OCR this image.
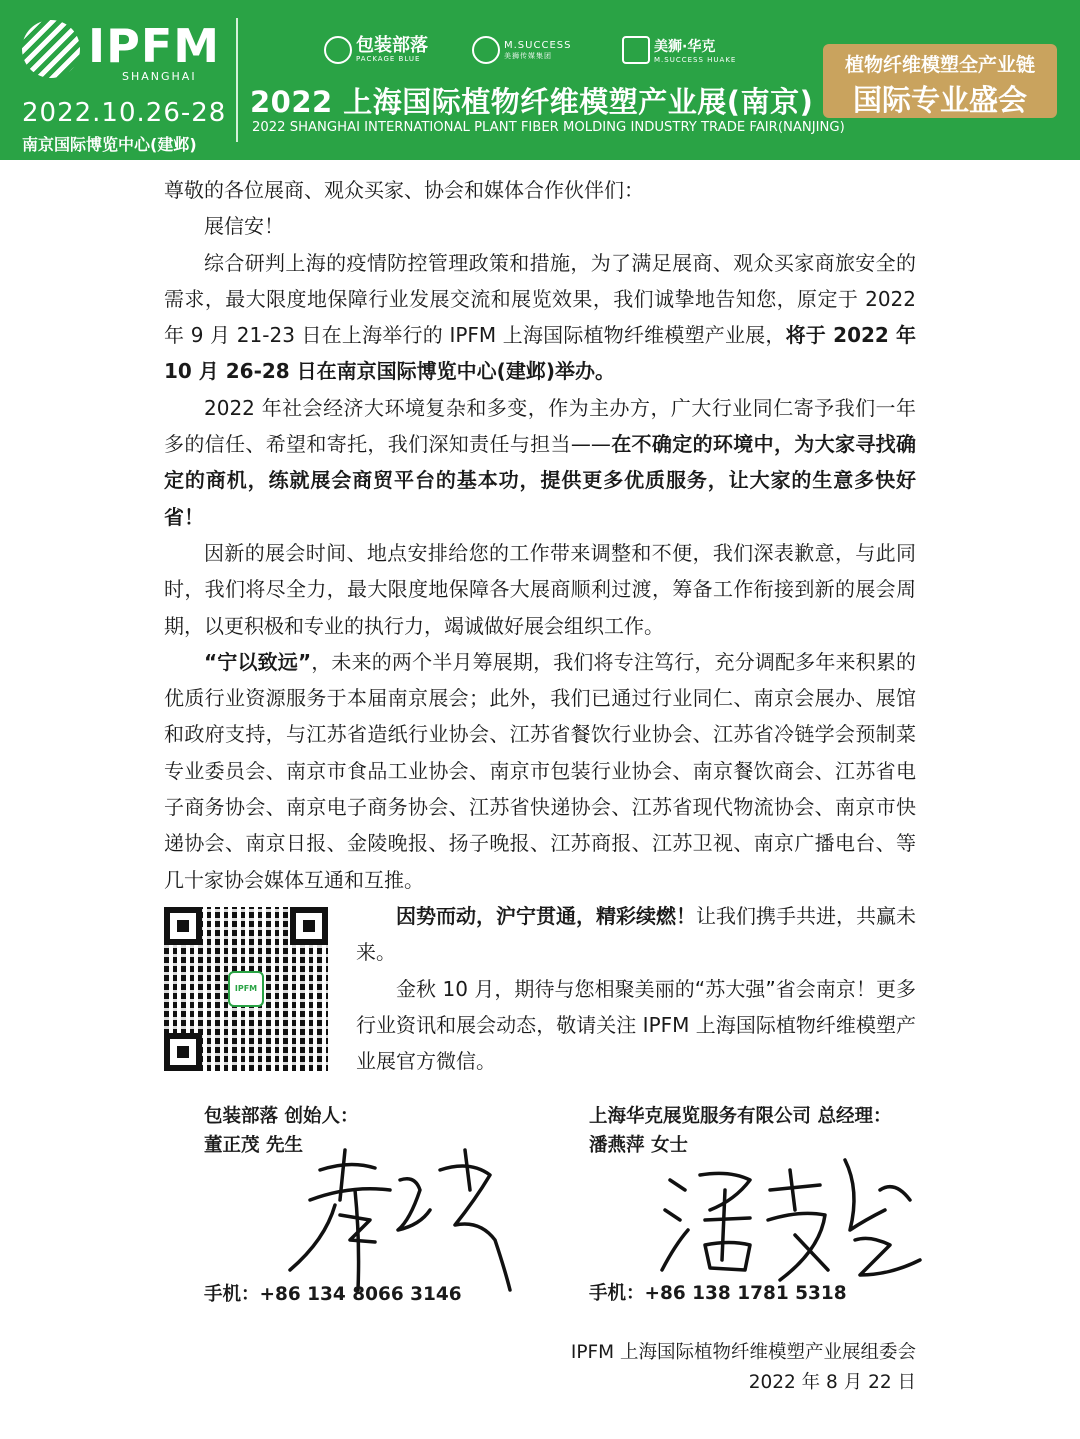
IPFM
SHANGHAI
2022.10.26-28
南京国际博览中心(建邺)
包装部落
PACKAGE BLUE
M.SUCCESS
美狮传媒集团
美狮·华克
M.SUCCESS HUAKE
2022 上海国际植物纤维模塑产业展(南京)
2022 SHANGHAI INTERNATIONAL PLANT FIBER MOLDING INDUSTRY TRADE FAIR(NANJING)
植物纤维模塑全产业链
国际专业盛会

尊敬的各位展商、观众买家、协会和媒体合作伙伴们：

展信安！

综合研判上海的疫情防控管理政策和措施，为了满足展商、观众买家商旅安全的需求，最大限度地保障行业发展交流和展览效果，我们诚挚地告知您，原定于 2022 年 9 月 21-23 日在上海举行的 IPFM 上海国际植物纤维模塑产业展，将于 2022 年 10 月 26-28 日在南京国际博览中心(建邺)举办。

2022 年社会经济大环境复杂和多变，作为主办方，广大行业同仁寄予我们一年多的信任、希望和寄托，我们深知责任与担当——在不确定的环境中，为大家寻找确定的商机，练就展会商贸平台的基本功，提供更多优质服务，让大家的生意多快好省！

因新的展会时间、地点安排给您的工作带来调整和不便，我们深表歉意，与此同时，我们将尽全力，最大限度地保障各大展商顺利过渡，筹备工作衔接到新的展会周期，以更积极和专业的执行力，竭诚做好展会组织工作。

“宁以致远”，未来的两个半月筹展期，我们将专注笃行，充分调配多年来积累的优质行业资源服务于本届南京展会；此外，我们已通过行业同仁、南京会展办、展馆和政府支持，与江苏省造纸行业协会、江苏省餐饮行业协会、江苏省冷链学会预制菜专业委员会、南京市食品工业协会、南京市包装行业协会、南京餐饮商会、江苏省电子商务协会、南京电子商务协会、江苏省快递协会、江苏省现代物流协会、南京市快递协会、南京日报、金陵晚报、扬子晚报、江苏商报、江苏卫视、南京广播电台、等几十家协会媒体互通和互推。

IPFM

因势而动，沪宁贯通，精彩续燃！让我们携手共进，共赢未来。

金秋 10 月，期待与您相聚美丽的“苏大强”省会南京！更多行业资讯和展会动态，敬请关注 IPFM 上海国际植物纤维模塑产业展官方微信。

包装部落 创始人：
董正茂 先生
上海华克展览服务有限公司 总经理：
潘燕萍 女士
手机：+86 134 8066 3146	手机：+86 138 1781 5318
IPFM 上海国际植物纤维模塑产业展组委会
2022 年 8 月 22 日
